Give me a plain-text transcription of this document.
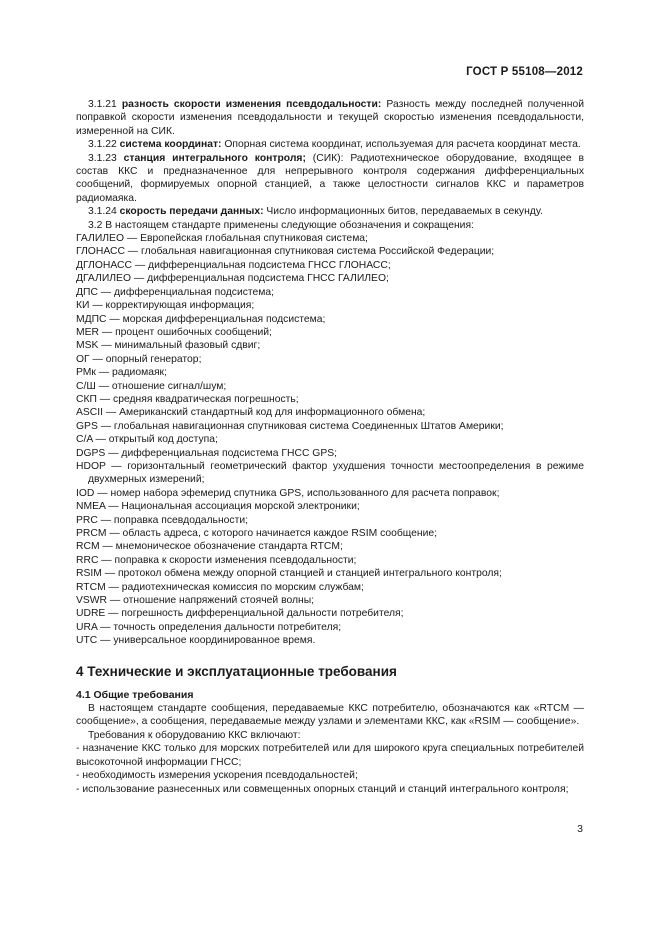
ГОСТ Р 55108—2012

3.1.21 разность скорости изменения псевдодальности: Разность между последней полученной поправкой скорости изменения псевдодальности и текущей скоростью изменения псевдодальности, измеренной на СИК.

3.1.22 система координат: Опорная система координат, используемая для расчета координат места.

3.1.23 станция интегрального контроля; (СИК): Радиотехническое оборудование, входящее в состав ККС и предназначенное для непрерывного контроля содержания дифференциальных сообщений, формируемых опорной станцией, а также целостности сигналов ККС и параметров радиомаяка.

3.1.24 скорость передачи данных: Число информационных битов, передаваемых в секунду.

3.2 В настоящем стандарте применены следующие обозначения и сокращения:

ГАЛИЛЕО — Европейская глобальная спутниковая система;

ГЛОНАСС — глобальная навигационная спутниковая система Российской Федерации;

ДГЛОНАСС — дифференциальная подсистема ГНСС ГЛОНАСС;

ДГАЛИЛЕО — дифференциальная подсистема ГНСС ГАЛИЛЕО;

ДПС — дифференциальная подсистема;

КИ — корректирующая информация;

МДПС — морская дифференциальная подсистема;

MER — процент ошибочных сообщений;

MSK — минимальный фазовый сдвиг;

ОГ — опорный генератор;

РМк — радиомаяк;

С/Ш — отношение сигнал/шум;

СКП — средняя квадратическая погрешность;

ASCII — Американский стандартный код для информационного обмена;

GPS — глобальная навигационная спутниковая система Соединенных Штатов Америки;

C/A — открытый код доступа;

DGPS — дифференциальная подсистема ГНСС GPS;

HDOP — горизонтальный геометрический фактор ухудшения точности местоопределения в режиме двухмерных измерений;

IOD — номер набора эфемерид спутника GPS, использованного для расчета поправок;

NMEA — Национальная ассоциация морской электроники;

PRC — поправка псевдодальности;

PRCM — область адреса, с которого начинается каждое RSIM сообщение;

RCM — мнемоническое обозначение стандарта RTCM;

RRC — поправка к скорости изменения псевдодальности;

RSIM — протокол обмена между опорной станцией и станцией интегрального контроля;

RTCM — радиотехническая комиссия по морским службам;

VSWR — отношение напряжений стоячей волны;

UDRE — погрешность дифференциальной дальности потребителя;

URA — точность определения дальности потребителя;

UTC — универсальное координированное время.

4 Технические и эксплуатационные требования
4.1 Общие требования

В настоящем стандарте сообщения, передаваемые ККС потребителю, обозначаются как «RTCM — сообщение», а сообщения, передаваемые между узлами и элементами ККС, как «RSIM — сообщение».

Требования к оборудованию ККС включают:

- назначение ККС только для морских потребителей или для широкого круга специальных потребителей высокоточной информации ГНСС;

- необходимость измерения ускорения псевдодальностей;

- использование разнесенных или совмещенных опорных станций и станций интегрального контроля;

3
